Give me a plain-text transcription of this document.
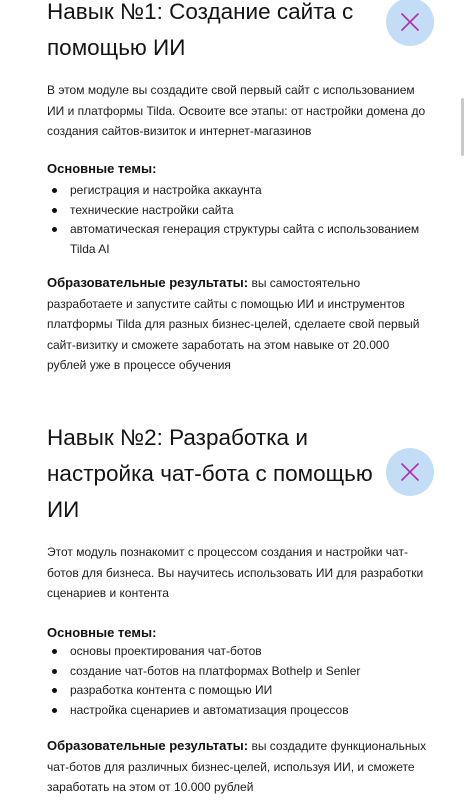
Навык №1: Создание сайта с помощью ИИ

В этом модуле вы создадите свой первый сайт с использованием ИИ и платформы Tilda. Освоите все этапы: от настройки домена до создания сайтов-визиток и интернет-магазинов

Основные темы:

регистрация и настройка аккаунта
технические настройки сайта
автоматическая генерация структуры сайта с использованием Tilda AI

Образовательные результаты: вы самостоятельно разработаете и запустите сайты с помощью ИИ и инструментов платформы Tilda для разных бизнес-целей, сделаете свой первый сайт-визитку и сможете заработать на этом навыке от 20.000 рублей уже в процессе обучения

Навык №2: Разработка и настройка чат-бота с помощью ИИ

Этот модуль познакомит с процессом создания и настройки чат-ботов для бизнеса. Вы научитесь использовать ИИ для разработки сценариев и контента

Основные темы:

основы проектирования чат-ботов
создание чат-ботов на платформах Bothelp и Senler
разработка контента с помощью ИИ
настройка сценариев и автоматизация процессов

Образовательные результаты: вы создадите функциональных чат-ботов для различных бизнес-целей, используя ИИ, и сможете заработать на этом от 10.000 рублей
